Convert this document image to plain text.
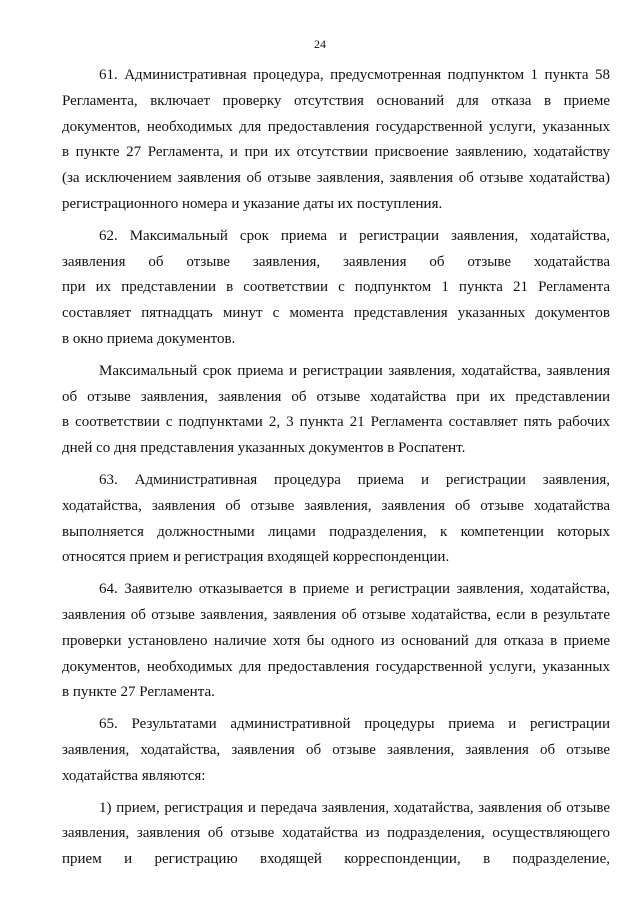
24

61. Административная процедура, предусмотренная подпунктом 1 пункта 58
Регламента, включает проверку отсутствия оснований для отказа в приеме
документов, необходимых для предоставления государственной услуги, указанных
в пункте 27 Регламента, и при их отсутствии присвоение заявлению, ходатайству
(за исключением заявления об отзыве заявления, заявления об отзыве ходатайства)
регистрационного номера и указание даты их поступления.

62. Максимальный срок приема и регистрации заявления, ходатайства,
заявления об отзыве заявления, заявления об отзыве ходатайства
при их представлении в соответствии с подпунктом 1 пункта 21 Регламента
составляет пятнадцать минут с момента представления указанных документов
в окно приема документов.

Максимальный срок приема и регистрации заявления, ходатайства, заявления
об отзыве заявления, заявления об отзыве ходатайства при их представлении
в соответствии с подпунктами 2, 3 пункта 21 Регламента составляет пять рабочих
дней со дня представления указанных документов в Роспатент.

63. Административная процедура приема и регистрации заявления,
ходатайства, заявления об отзыве заявления, заявления об отзыве ходатайства
выполняется должностными лицами подразделения, к компетенции которых
относятся прием и регистрация входящей корреспонденции.

64. Заявителю отказывается в приеме и регистрации заявления, ходатайства,
заявления об отзыве заявления, заявления об отзыве ходатайства, если в результате
проверки установлено наличие хотя бы одного из оснований для отказа в приеме
документов, необходимых для предоставления государственной услуги, указанных
в пункте 27 Регламента.

65. Результатами административной процедуры приема и регистрации
заявления, ходатайства, заявления об отзыве заявления, заявления об отзыве
ходатайства являются:

1) прием, регистрация и передача заявления, ходатайства, заявления об отзыве
заявления, заявления об отзыве ходатайства из подразделения, осуществляющего
прием и регистрацию входящей корреспонденции, в подразделение,
